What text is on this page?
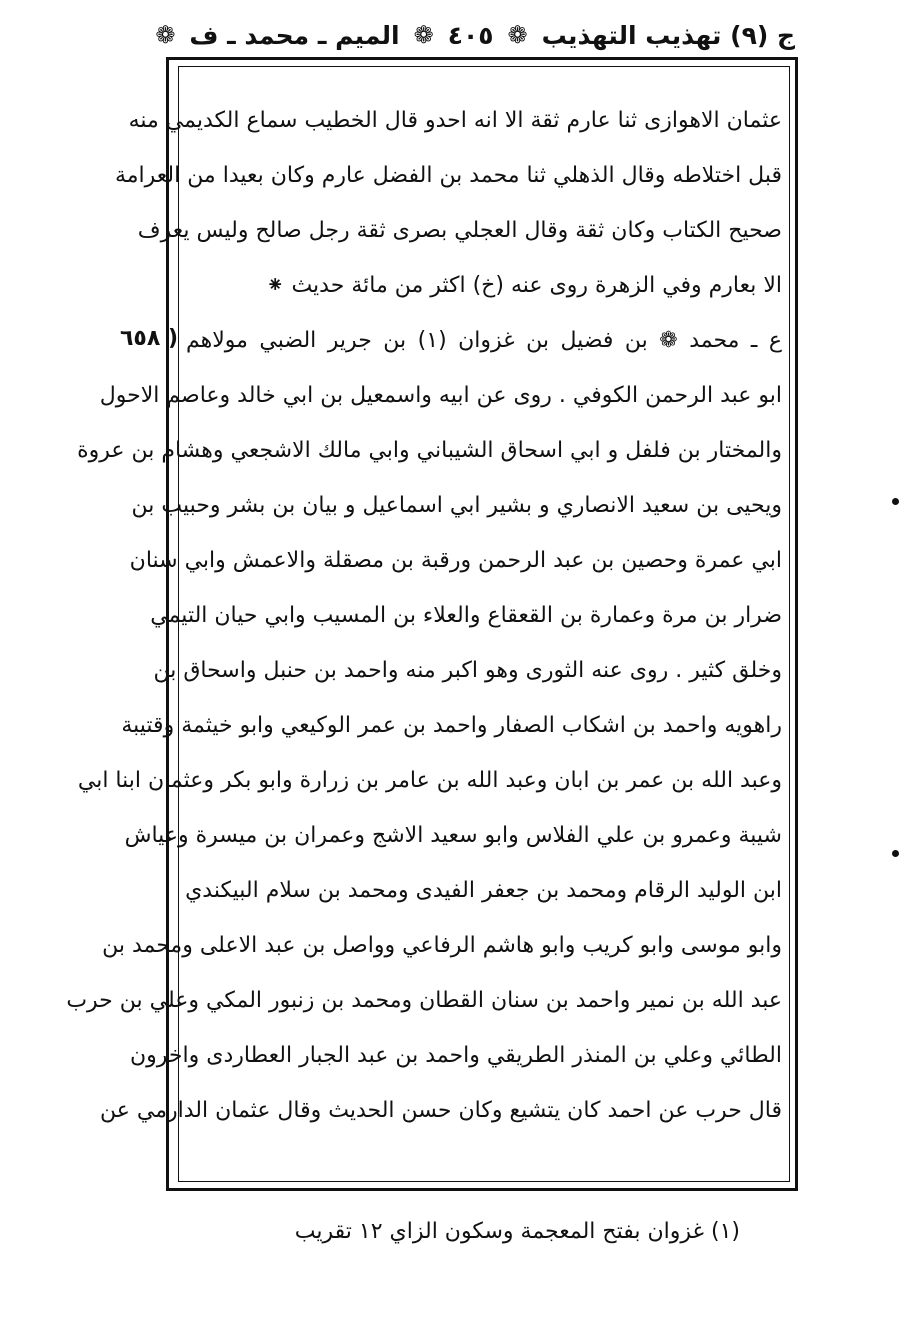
ج (٩) تهذيب التهذيب
❁
٤٠٥
❁
الميم ـ محمد ـ ف
❁
( ٦٥٨
عثمان الاهوازى ثنا عارم ثقة الا انه احدو قال الخطيب سماع الكديمي منه
قبل اختلاطه وقال الذهلي ثنا محمد بن الفضل عارم وكان بعيدا من العرامة
صحيح الكتاب وكان ثقة وقال العجلي بصرى ثقة رجل صالح وليس يعرف
الا بعارم وفي الزهرة روى عنه (خ) اكثر من مائة حديث ⁕
ع ـ محمد ❁ بن فضيل بن غزوان (١) بن جرير الضبي مولاهم
ابو عبد الرحمن الكوفي . روى عن ابيه واسمعيل بن ابي خالد وعاصم الاحول
والمختار بن فلفل و ابي اسحاق الشيباني وابي مالك الاشجعي وهشام بن عروة
ويحيى بن سعيد الانصاري و بشير ابي اسماعيل و بيان بن بشر وحبيب بن
ابي عمرة وحصين بن عبد الرحمن ورقبة بن مصقلة والاعمش وابي سنان
ضرار بن مرة وعمارة بن القعقاع والعلاء بن المسيب وابي حيان التيمي
وخلق كثير . روى عنه الثورى وهو اكبر منه واحمد بن حنبل واسحاق بن
راهويه واحمد بن اشكاب الصفار واحمد بن عمر الوكيعي وابو خيثمة وقتيبة
وعبد الله بن عمر بن ابان وعبد الله بن عامر بن زرارة وابو بكر وعثمان ابنا ابي
شيبة وعمرو بن علي الفلاس وابو سعيد الاشج وعمران بن ميسرة وعياش
ابن الوليد الرقام ومحمد بن جعفر الفيدى ومحمد بن سلام البيكندي
وابو موسى وابو كريب وابو هاشم الرفاعي وواصل بن عبد الاعلى ومحمد بن
عبد الله بن نمير واحمد بن سنان القطان ومحمد بن زنبور المكي وعلي بن حرب
الطائي وعلي بن المنذر الطريقي واحمد بن عبد الجبار العطاردى واخرون
قال حرب عن احمد كان يتشيع وكان حسن الحديث وقال عثمان الدارمي عن
(١) غزوان بفتح المعجمة وسكون الزاي ١٢ تقريب
